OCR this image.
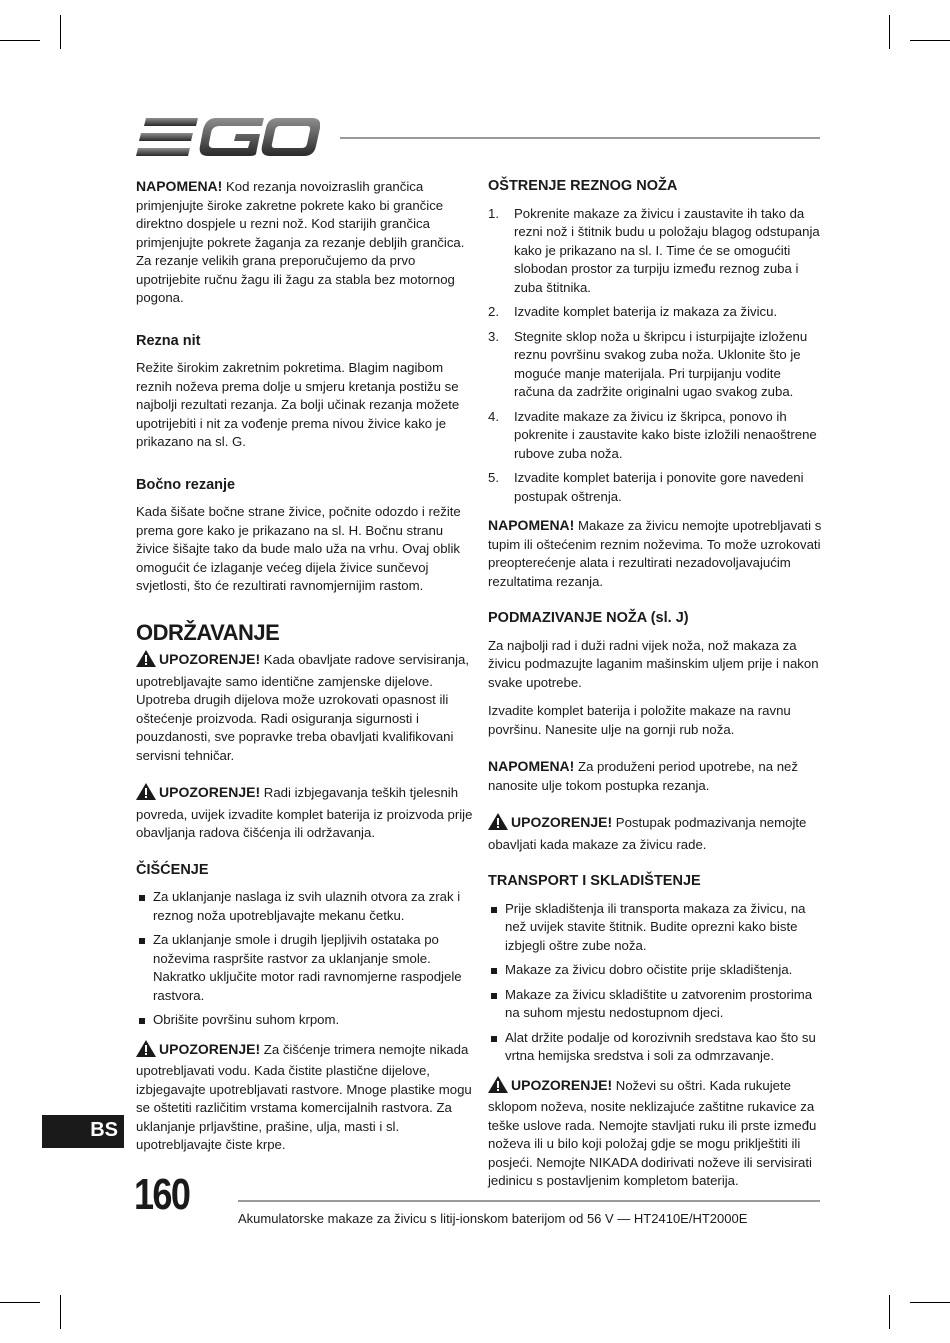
NAPOMENA! Kod rezanja novoizraslih grančica primjenjujte široke zakretne pokrete kako bi grančice direktno dospjele u rezni nož. Kod starijih grančica primjenjujte pokrete žaganja za rezanje debljih grančica. Za rezanje velikih grana preporučujemo da prvo upotrijebite ručnu žagu ili žagu za stabla bez motornog pogona.

Rezna nit

Režite širokim zakretnim pokretima. Blagim nagibom reznih noževa prema dolje u smjeru kretanja postižu se najbolji rezultati rezanja. Za bolji učinak rezanja možete upotrijebiti i nit za vođenje prema nivou živice kako je prikazano na sl. G.

Bočno rezanje

Kada šišate bočne strane živice, počnite odozdo i režite prema gore kako je prikazano na sl. H. Bočnu stranu živice šišajte tako da bude malo uža na vrhu. Ovaj oblik omogućit će izlaganje većeg dijela živice sunčevoj svjetlosti, što će rezultirati ravnomjernijim rastom.

ODRŽAVANJE

UPOZORENJE! Kada obavljate radove servisiranja, upotrebljavajte samo identične zamjenske dijelove. Upotreba drugih dijelova može uzrokovati opasnost ili oštećenje proizvoda. Radi osiguranja sigurnosti i pouzdanosti, sve popravke treba obavljati kvalifikovani servisni tehničar.

UPOZORENJE! Radi izbjegavanja teških tjelesnih povreda, uvijek izvadite komplet baterija iz proizvoda prije obavljanja radova čišćenja ili održavanja.

ČIŠĆENJE
Za uklanjanje naslaga iz svih ulaznih otvora za zrak i reznog noža upotrebljavajte mekanu četku.
Za uklanjanje smole i drugih ljepljivih ostataka po noževima raspršite rastvor za uklanjanje smole. Nakratko uključite motor radi ravnomjerne raspodjele rastvora.
Obrišite površinu suhom krpom.

UPOZORENJE! Za čišćenje trimera nemojte nikada upotrebljavati vodu. Kada čistite plastične dijelove, izbjegavajte upotrebljavati rastvore. Mnoge plastike mogu se oštetiti različitim vrstama komercijalnih rastvora. Za uklanjanje prljavštine, prašine, ulja, masti i sl. upotrebljavajte čiste krpe.

OŠTRENJE REZNOG NOŽA
1. Pokrenite makaze za živicu i zaustavite ih tako da rezni nož i štitnik budu u položaju blagog odstupanja kako je prikazano na sl. I. Time će se omogućiti slobodan prostor za turpiju između reznog zuba i zuba štitnika.
2. Izvadite komplet baterija iz makaza za živicu.
3. Stegnite sklop noža u škripcu i isturpijajte izloženu reznu površinu svakog zuba noža. Uklonite što je moguće manje materijala. Pri turpijanju vodite računa da zadržite originalni ugao svakog zuba.
4. Izvadite makaze za živicu iz škripca, ponovo ih pokrenite i zaustavite kako biste izložili nenaoštrene rubove zuba noža.
5. Izvadite komplet baterija i ponovite gore navedeni postupak oštrenja.

NAPOMENA! Makaze za živicu nemojte upotrebljavati s tupim ili oštećenim reznim noževima. To može uzrokovati preopterećenje alata i rezultirati nezadovoljavajućim rezultatima rezanja.

PODMAZIVANJE NOŽA (sl. J)

Za najbolji rad i duži radni vijek noža, nož makaza za živicu podmazujte laganim mašinskim uljem prije i nakon svake upotrebe.

Izvadite komplet baterija i položite makaze na ravnu površinu. Nanesite ulje na gornji rub noža.

NAPOMENA! Za produženi period upotrebe, na než nanosite ulje tokom postupka rezanja.

UPOZORENJE! Postupak podmazivanja nemojte obavljati kada makaze za živicu rade.

TRANSPORT I SKLADIŠTENJE
Prije skladištenja ili transporta makaza za živicu, na než uvijek stavite štitnik. Budite oprezni kako biste izbjegli oštre zube noža.
Makaze za živicu dobro očistite prije skladištenja.
Makaze za živicu skladištite u zatvorenim prostorima na suhom mjestu nedostupnom djeci.
Alat držite podalje od korozivnih sredstava kao što su vrtna hemijska sredstva i soli za odmrzavanje.

UPOZORENJE! Noževi su oštri. Kada rukujete sklopom noževa, nosite neklizajuće zaštitne rukavice za teške uslove rada. Nemojte stavljati ruku ili prste između noževa ili u bilo koji položaj gdje se mogu priklještiti ili posjeći. Nemojte NIKADA dodirivati noževe ili servisirati jedinicu s postavljenim kompletom baterija.

BS
160	Akumulatorske makaze za živicu s litij-ionskom baterijom od 56 V — HT2410E/HT2000E
